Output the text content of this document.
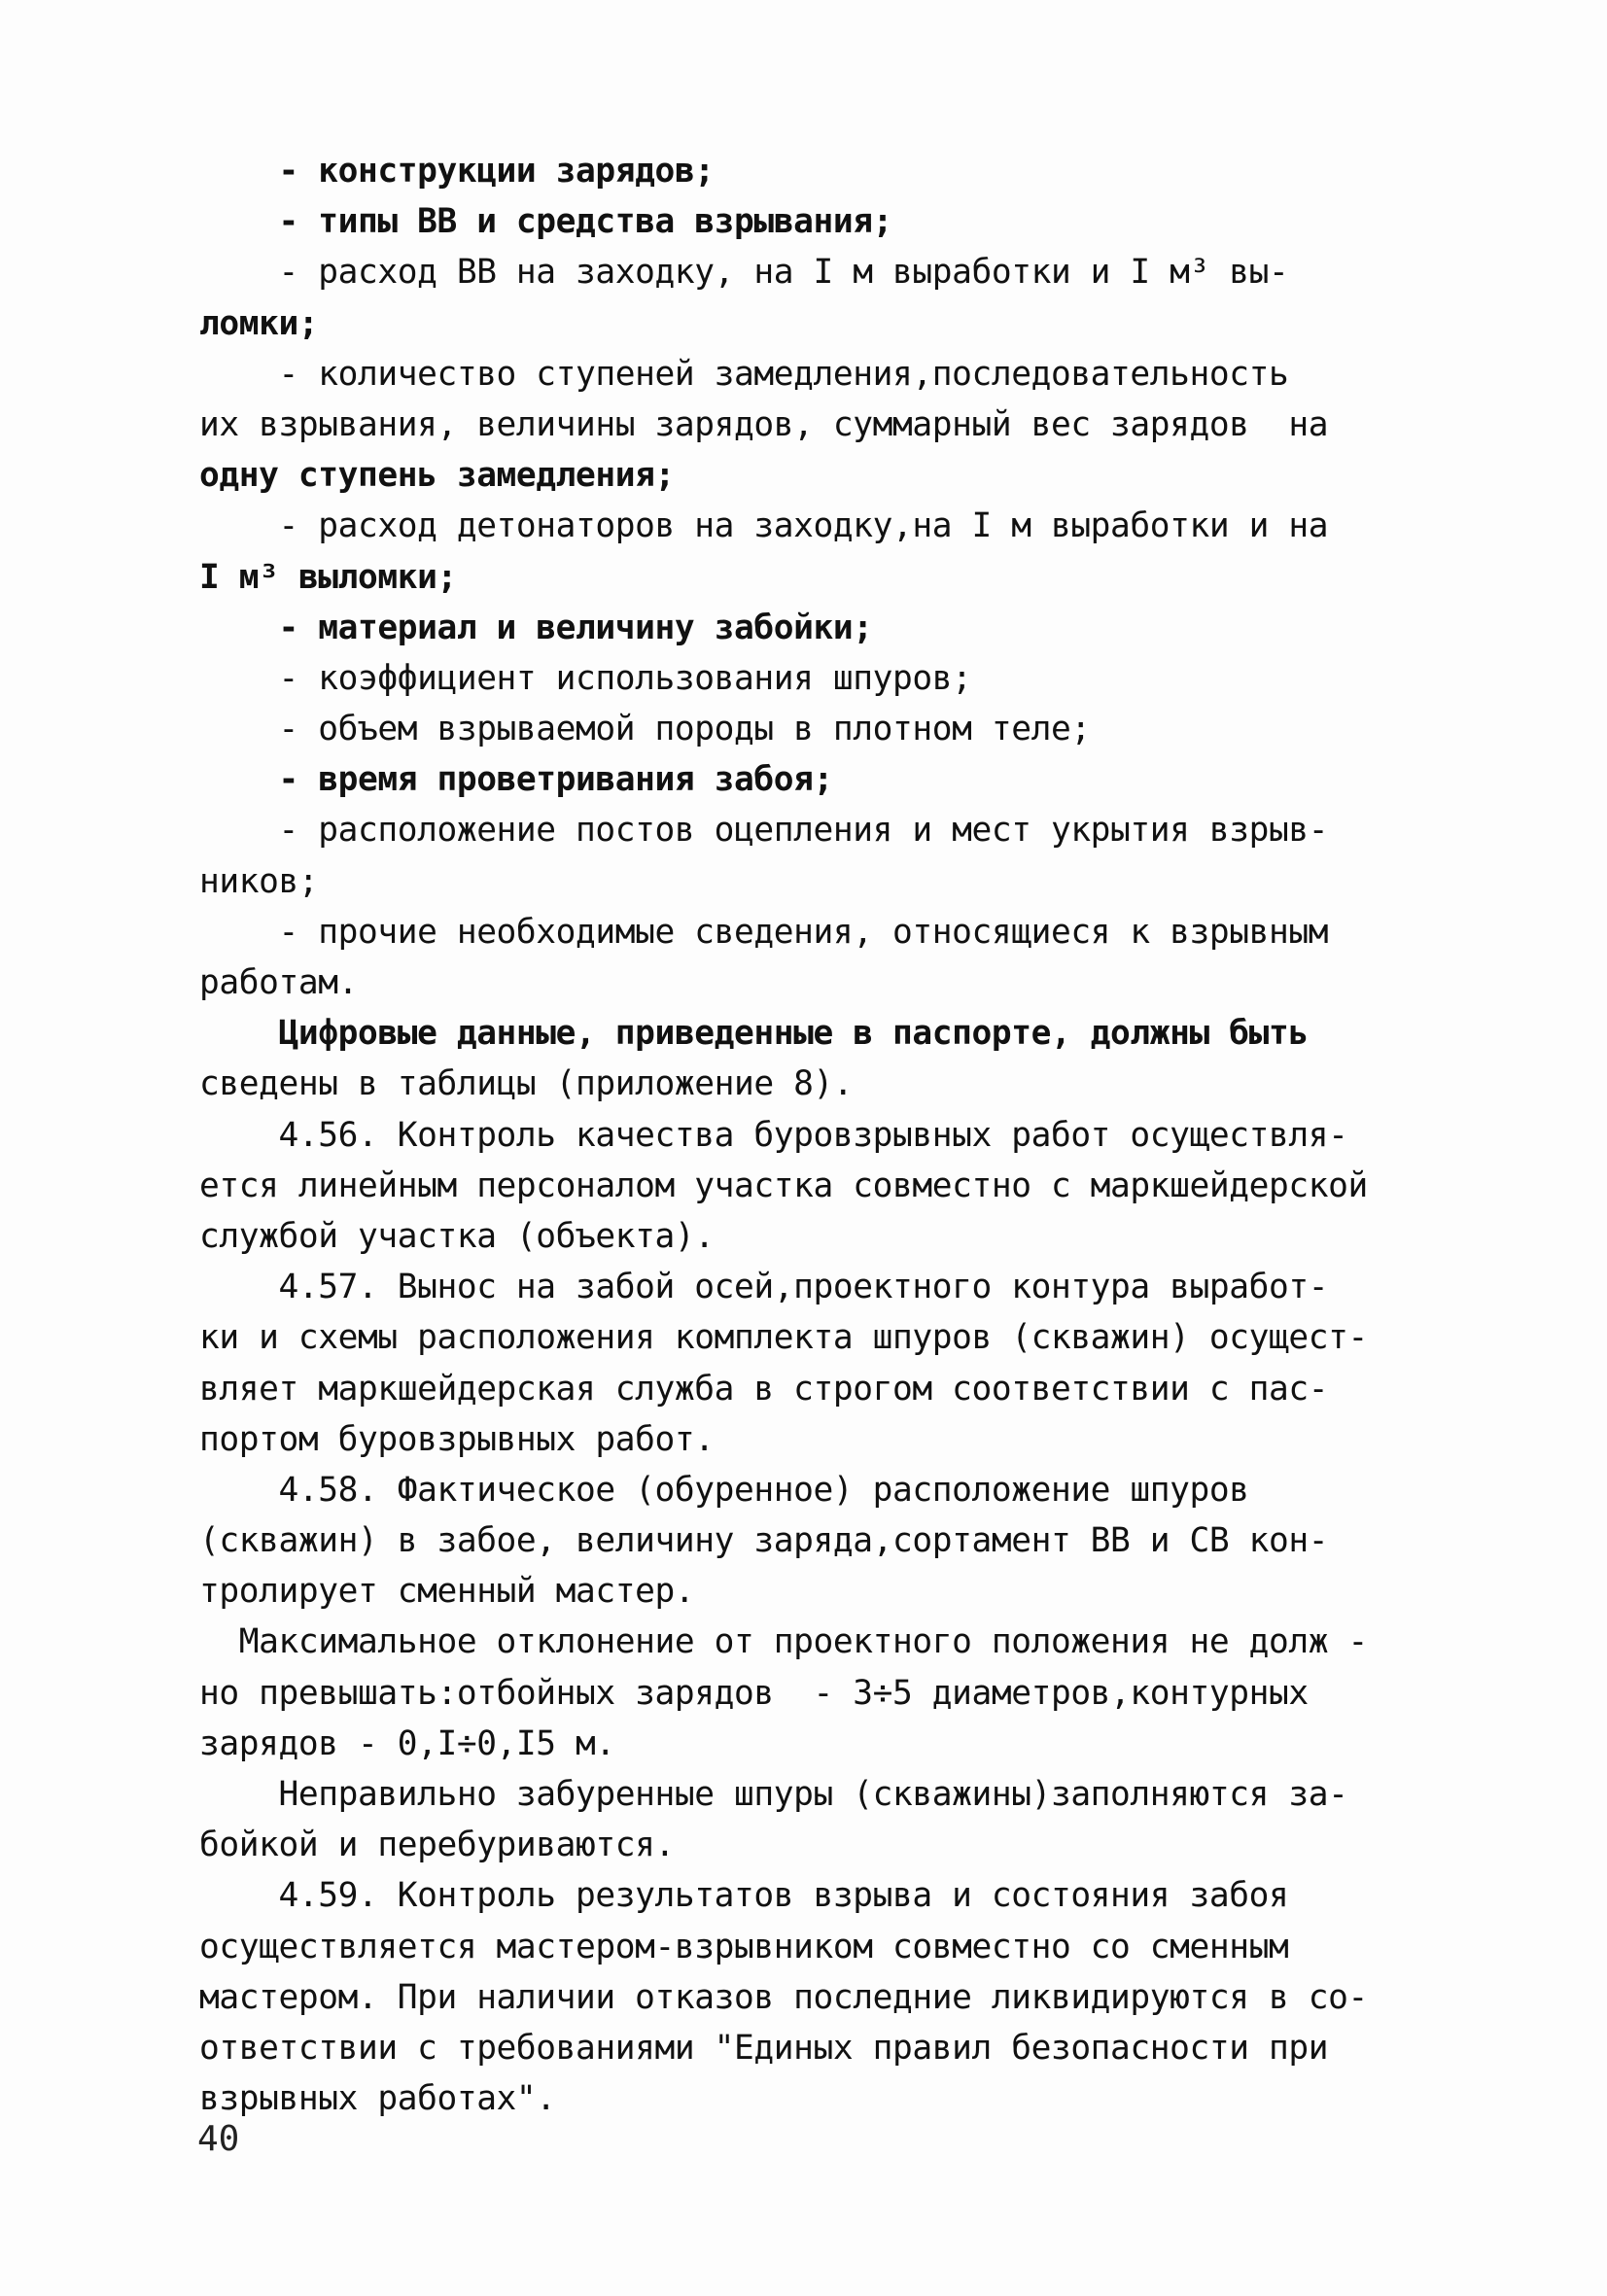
- конструкции зарядов;
- типы ВВ и средства взрывания;
- расход ВВ на заходку, на I м выработки и I м³ вы-
ломки;
- количество ступеней замедления,последовательность
их взрывания, величины зарядов, суммарный вес зарядов  на
одну ступень замедления;
- расход детонаторов на заходку,на I м выработки и на
I м³ выломки;
- материал и величину забойки;
- коэффициент использования шпуров;
- объем взрываемой породы в плотном теле;
- время проветривания забоя;
- расположение постов оцепления и мест укрытия взрыв-
ников;
- прочие необходимые сведения, относящиеся к взрывным
работам.
Цифровые данные, приведенные в паспорте, должны быть
сведены в таблицы (приложение 8).
4.56. Контроль качества буровзрывных работ осуществля-
ется линейным персоналом участка совместно с маркшейдерской
службой участка (объекта).
4.57. Вынос на забой осей,проектного контура выработ-
ки и схемы расположения комплекта шпуров (скважин) осущест-
вляет маркшейдерская служба в строгом соответствии с пас-
портом буровзрывных работ.
4.58. Фактическое (обуренное) расположение шпуров
(скважин) в забое, величину заряда,сортамент ВВ и СВ кон-
тролирует сменный мастер.
Максимальное отклонение от проектного положения не долж -
но превышать:отбойных зарядов  - 3÷5 диаметров,контурных
зарядов - 0,I÷0,I5 м.
Неправильно забуренные шпуры (скважины)заполняются за-
бойкой и перебуриваются.
4.59. Контроль результатов взрыва и состояния забоя
осуществляется мастером-взрывником совместно со сменным
мастером. При наличии отказов последние ликвидируются в со-
ответствии с требованиями "Единых правил безопасности при
взрывных работах".
40
